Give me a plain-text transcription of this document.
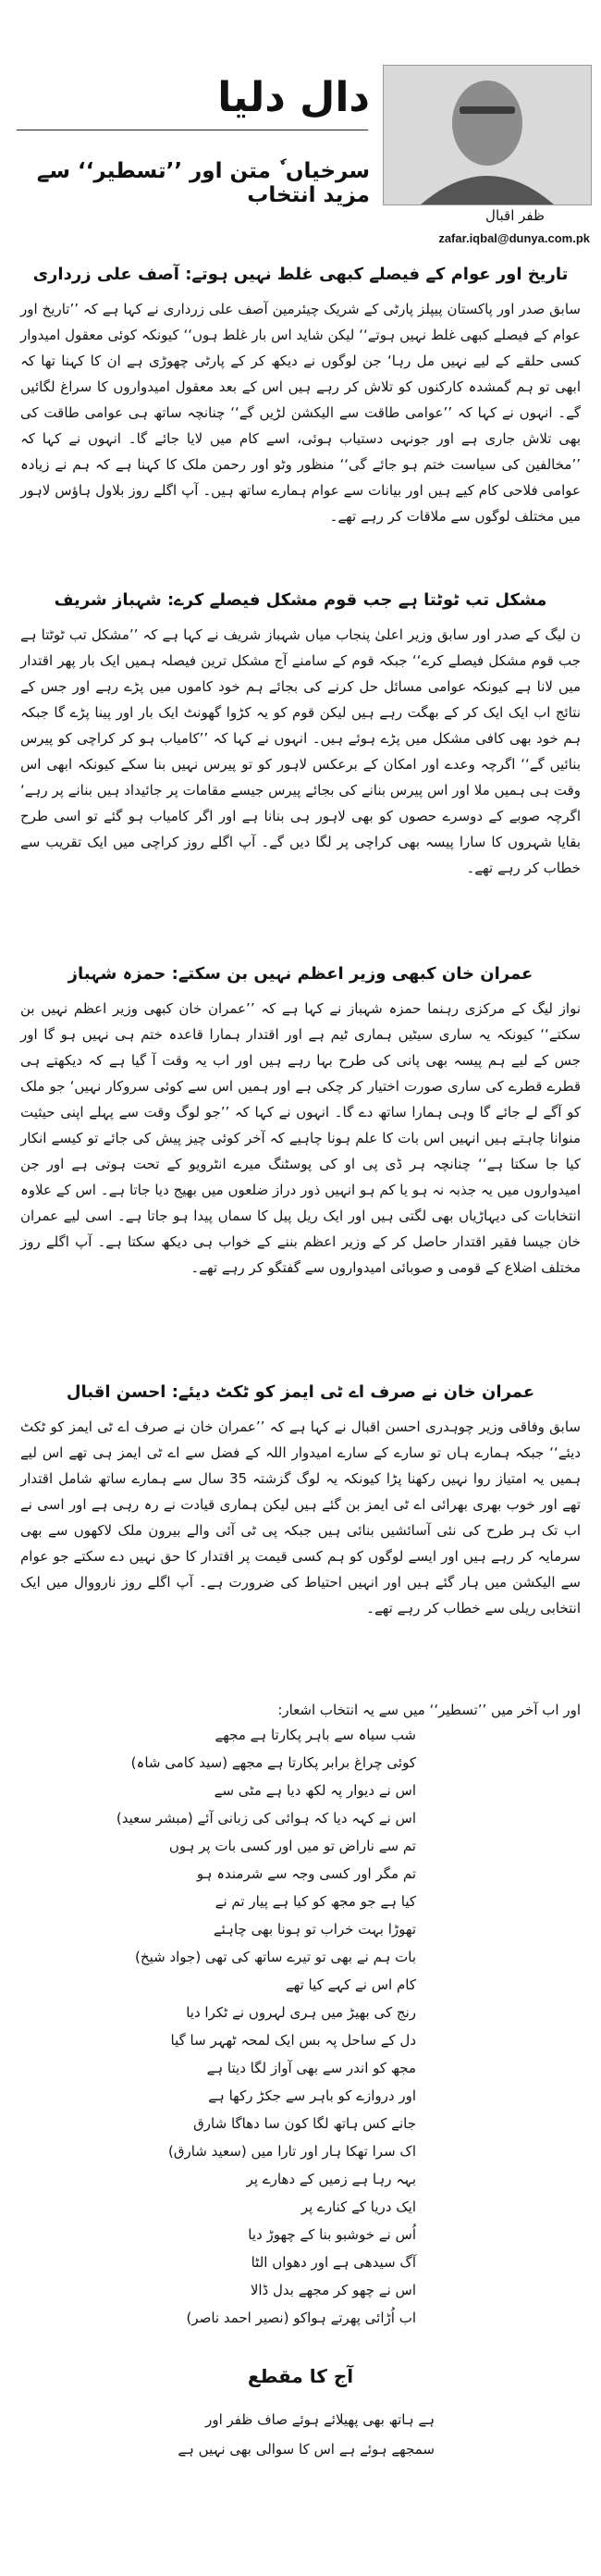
دال دلیا
سرخیاں ٗ متن اور ’’تسطیر‘‘ سے مزید انتخاب
ظفر اقبال
zafar.iqbal@dunya.com.pk
تاریخ اور عوام کے فیصلے کبھی غلط نہیں ہوتے: آصف علی زرداری

سابق صدر اور پاکستان پیپلز پارٹی کے شریک چیئرمین آصف علی زرداری نے کہا ہے کہ ’’تاریخ اور عوام کے فیصلے کبھی غلط نہیں ہوتے‘‘ لیکن شاید اس بار غلط ہوں‘‘ کیونکہ کوئی معقول امیدوار کسی حلقے کے لیے نہیں مل رہا‘ جن لوگوں نے دیکھ کر کے پارٹی چھوڑی ہے ان کا کہنا تھا کہ ابھی تو ہم گمشدہ کارکنوں کو تلاش کر رہے ہیں اس کے بعد معقول امیدواروں کا سراغ لگائیں گے۔ انہوں نے کہا کہ ’’عوامی طاقت سے الیکشن لڑیں گے‘‘ چنانچہ ساتھ ہی عوامی طاقت کی بھی تلاش جاری ہے اور جونہی دستیاب ہوئی، اسے کام میں لایا جائے گا۔ انہوں نے کہا کہ ’’مخالفین کی سیاست ختم ہو جائے گی‘‘ منظور وٹو اور رحمن ملک کا کہنا ہے کہ ہم نے زیادہ عوامی فلاحی کام کیے ہیں اور بیانات سے عوام ہمارے ساتھ ہیں۔ آپ اگلے روز بلاول ہاؤس لاہور میں مختلف لوگوں سے ملاقات کر رہے تھے۔

مشکل تب ٹوٹتا ہے جب قوم مشکل فیصلے کرے: شہباز شریف

ن لیگ کے صدر اور سابق وزیر اعلیٰ پنجاب میاں شہباز شریف نے کہا ہے کہ ’’مشکل تب ٹوٹتا ہے جب قوم مشکل فیصلے کرے‘‘ جبکہ قوم کے سامنے آج مشکل ترین فیصلہ ہمیں ایک بار پھر اقتدار میں لانا ہے کیونکہ عوامی مسائل حل کرنے کی بجائے ہم خود کاموں میں پڑے رہے اور جس کے نتائج اب ایک ایک کر کے بھگت رہے ہیں لیکن قوم کو یہ کڑوا گھونٹ ایک بار اور پینا پڑے گا جبکہ ہم خود بھی کافی مشکل میں پڑے ہوئے ہیں۔ انہوں نے کہا کہ ’’کامیاب ہو کر کراچی کو پیرس بنائیں گے‘‘ اگرچہ وعدے اور امکان کے برعکس لاہور کو تو پیرس نہیں بنا سکے کیونکہ ابھی اس وقت ہی ہمیں ملا اور اس پیرس بنانے کی بجائے پیرس جیسے مقامات پر جائیداد ہیں بنانے پر رہے‘ اگرچہ صوبے کے دوسرے حصوں کو بھی لاہور ہی بنانا ہے اور اگر کامیاب ہو گئے تو اسی طرح بقایا شہروں کا سارا پیسہ بھی کراچی پر لگا دیں گے۔ آپ اگلے روز کراچی میں ایک تقریب سے خطاب کر رہے تھے۔

عمران خان کبھی وزیر اعظم نہیں بن سکتے: حمزہ شہباز

نواز لیگ کے مرکزی رہنما حمزہ شہباز نے کہا ہے کہ ’’عمران خان کبھی وزیر اعظم نہیں بن سکتے‘‘ کیونکہ یہ ساری سیٹیں ہماری ٹیم ہے اور اقتدار ہمارا قاعدہ ختم ہی نہیں ہو گا اور جس کے لیے ہم پیسہ بھی پانی کی طرح بہا رہے ہیں اور اب یہ وقت آ گیا ہے کہ دیکھتے ہی قطرے قطرے کی ساری صورت اختیار کر چکی ہے اور ہمیں اس سے کوئی سروکار نہیں‘ جو ملک کو آگے لے جائے گا وہی ہمارا ساتھ دے گا۔ انہوں نے کہا کہ ’’جو لوگ وقت سے پہلے اپنی حیثیت منوانا چاہتے ہیں انہیں اس بات کا علم ہونا چاہیے کہ آخر کوئی چیز پیش کی جائے تو کیسے انکار کیا جا سکتا ہے‘‘ چنانچہ ہر ڈی پی او کی پوسٹنگ میرے انٹرویو کے تحت ہوتی ہے اور جن امیدواروں میں یہ جذبہ نہ ہو یا کم ہو انہیں ذور دراز ضلعوں میں بھیج دیا جاتا ہے۔ اس کے علاوہ انتخابات کی دیہاڑیاں بھی لگتی ہیں اور ایک ریل پیل کا سماں پیدا ہو جاتا ہے۔ اسی لیے عمران خان جیسا فقیر اقتدار حاصل کر کے وزیر اعظم بننے کے خواب ہی دیکھ سکتا ہے۔ آپ اگلے روز مختلف اضلاع کے قومی و صوبائی امیدواروں سے گفتگو کر رہے تھے۔

عمران خان نے صرف اے ٹی ایمز کو ٹکٹ دیئے: احسن اقبال

سابق وفاقی وزیر چوہدری احسن اقبال نے کہا ہے کہ ’’عمران خان نے صرف اے ٹی ایمز کو ٹکٹ دیئے‘‘ جبکہ ہمارے ہاں تو سارے کے سارے امیدوار اللہ کے فضل سے اے ٹی ایمز ہی تھے اس لیے ہمیں یہ امتیاز روا نہیں رکھنا پڑا کیونکہ یہ لوگ گزشتہ 35 سال سے ہمارے ساتھ شامل اقتدار تھے اور خوب بھری بھرائی اے ٹی ایمز بن گئے ہیں لیکن ہماری قیادت نے رہ رہی ہے اور اسی نے اب تک ہر طرح کی نئی آسائشیں بنائی ہیں جبکہ پی ٹی آئی والے بیرون ملک لاکھوں سے بھی سرمایہ کر رہے ہیں اور ایسے لوگوں کو ہم کسی قیمت پر اقتدار کا حق نہیں دے سکتے جو عوام سے الیکشن میں ہار گئے ہیں اور انہیں احتیاط کی ضرورت ہے۔ آپ اگلے روز نارووال میں ایک انتخابی ریلی سے خطاب کر رہے تھے۔

اور اب آخر میں ’’تسطیر‘‘ میں سے یہ انتخاب اشعار:

شب سیاہ سے باہر پکارتا ہے مجھے
کوئی چراغ برابر پکارتا ہے مجھے (سید کامی شاہ)
اس نے دیوار پہ لکھ دیا ہے مٹی سے
اس نے کہہ دیا کہ ہوائی کی زبانی آئے (مبشر سعید)
تم سے ناراض تو میں اور کسی بات پر ہوں
تم مگر اور کسی وجہ سے شرمندہ ہو
کیا ہے جو مجھ کو کیا ہے پیار تم نے
تھوڑا بہت خراب تو ہونا بھی چاہئے
بات ہم نے بھی تو تیرے ساتھ کی تھی (جواد شیخ)
کام اس نے کہے کیا تھے
رنج کی بھیڑ میں ہری لہروں نے ٹکرا دیا
دل کے ساحل پہ بس ایک لمحہ ٹھہر سا گیا
مجھ کو اندر سے بھی آواز لگا دیتا ہے
اور دروازے کو باہر سے جکڑ رکھا ہے
جانے کس ہاتھ لگا کون سا دھاگا شارق
اک سرا تھکا ہار اور تارا میں (سعید شارق)
بہہ رہا ہے زمیں کے دھارے پر
ایک دریا کے کنارے پر
اُس نے خوشبو بنا کے چھوڑ دیا
آگ سیدھی ہے اور دھواں الٹا
اس نے چھو کر مجھے بدل ڈالا
اب اُڑائی پھرتے ہواکو (نصیر احمد ناصر)
آج کا مقطع
ہے ہاتھ بھی پھیلائے ہوئے صاف ظفر اور
سمجھے ہوئے ہے اس کا سوالی بھی نہیں ہے
